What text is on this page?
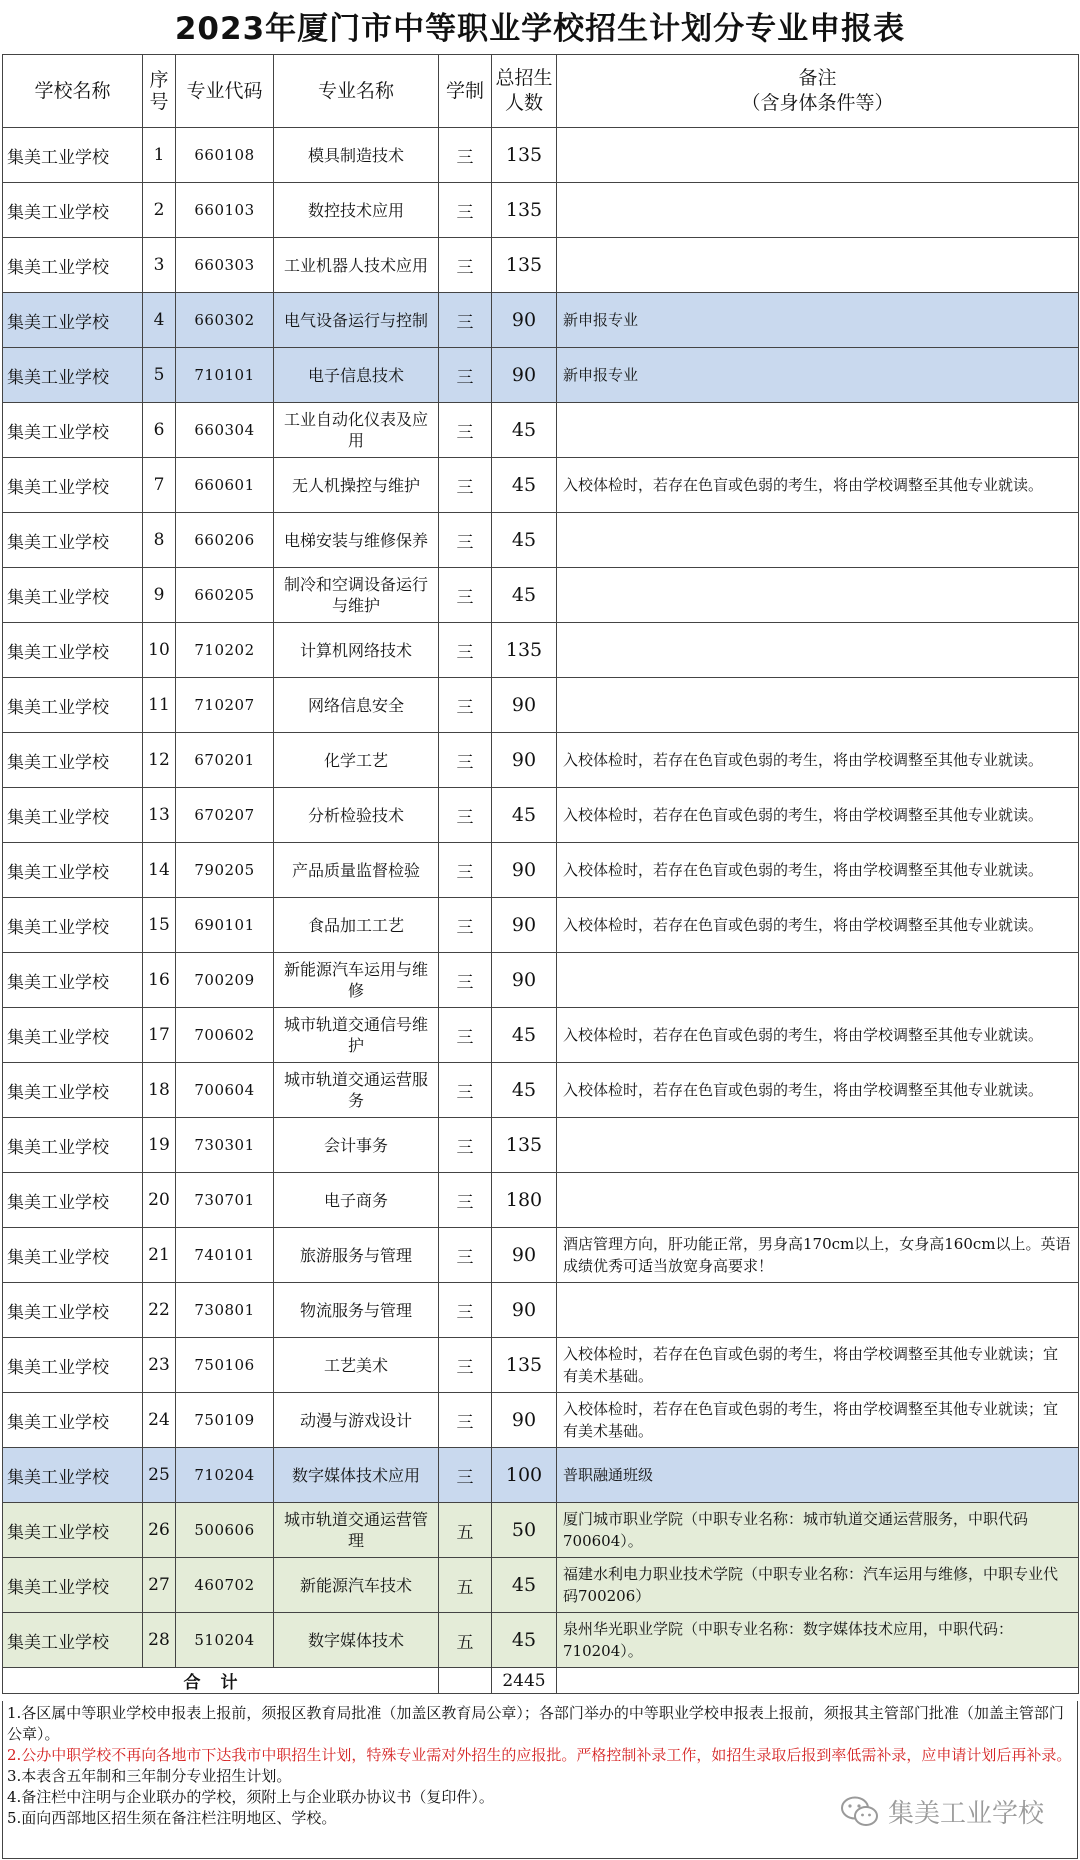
2023年厦门市中等职业学校招生计划分专业申报表
学校名称	序号	专业代码	专业名称	学制	总招生人数	备注
（含身体条件等）

集美工业学校	1	660108	模具制造技术	三	135	
集美工业学校	2	660103	数控技术应用	三	135	
集美工业学校	3	660303	工业机器人技术应用	三	135	
集美工业学校	4	660302	电气设备运行与控制	三	90	新申报专业
集美工业学校	5	710101	电子信息技术	三	90	新申报专业
集美工业学校	6	660304	工业自动化仪表及应用	三	45	
集美工业学校	7	660601	无人机操控与维护	三	45	入校体检时，若存在色盲或色弱的考生，将由学校调整至其他专业就读。
集美工业学校	8	660206	电梯安装与维修保养	三	45	
集美工业学校	9	660205	制冷和空调设备运行与维护	三	45	
集美工业学校	10	710202	计算机网络技术	三	135	
集美工业学校	11	710207	网络信息安全	三	90	
集美工业学校	12	670201	化学工艺	三	90	入校体检时，若存在色盲或色弱的考生，将由学校调整至其他专业就读。
集美工业学校	13	670207	分析检验技术	三	45	入校体检时，若存在色盲或色弱的考生，将由学校调整至其他专业就读。
集美工业学校	14	790205	产品质量监督检验	三	90	入校体检时，若存在色盲或色弱的考生，将由学校调整至其他专业就读。
集美工业学校	15	690101	食品加工工艺	三	90	入校体检时，若存在色盲或色弱的考生，将由学校调整至其他专业就读。
集美工业学校	16	700209	新能源汽车运用与维修	三	90	
集美工业学校	17	700602	城市轨道交通信号维护	三	45	入校体检时，若存在色盲或色弱的考生，将由学校调整至其他专业就读。
集美工业学校	18	700604	城市轨道交通运营服务	三	45	入校体检时，若存在色盲或色弱的考生，将由学校调整至其他专业就读。
集美工业学校	19	730301	会计事务	三	135	
集美工业学校	20	730701	电子商务	三	180	
集美工业学校	21	740101	旅游服务与管理	三	90	酒店管理方向，肝功能正常，男身高170cm以上，女身高160cm以上。英语成绩优秀可适当放宽身高要求！
集美工业学校	22	730801	物流服务与管理	三	90	
集美工业学校	23	750106	工艺美术	三	135	入校体检时，若存在色盲或色弱的考生，将由学校调整至其他专业就读；宜有美术基础。
集美工业学校	24	750109	动漫与游戏设计	三	90	入校体检时，若存在色盲或色弱的考生，将由学校调整至其他专业就读；宜有美术基础。
集美工业学校	25	710204	数字媒体技术应用	三	100	普职融通班级
集美工业学校	26	500606	城市轨道交通运营管理	五	50	厦门城市职业学院（中职专业名称：城市轨道交通运营服务，中职代码700604）。
集美工业学校	27	460702	新能源汽车技术	五	45	福建水利电力职业技术学院（中职专业名称：汽车运用与维修，中职专业代码700206）
集美工业学校	28	510204	数字媒体技术	五	45	泉州华光职业学院（中职专业名称：数字媒体技术应用，中职代码：710204）。
合计					2445	

1.各区属中等职业学校申报表上报前，须报区教育局批准（加盖区教育局公章）；各部门举办的中等职业学校申报表上报前，须报其主管部门批准（加盖主管部门公章）。

2.公办中职学校不再向各地市下达我市中职招生计划，特殊专业需对外招生的应报批。严格控制补录工作，如招生录取后报到率低需补录，应申请计划后再补录。

3.本表含五年制和三年制分专业招生计划。

4.备注栏中注明与企业联办的学校，须附上与企业联办协议书（复印件）。

5.面向西部地区招生须在备注栏注明地区、学校。	集美工业学校
